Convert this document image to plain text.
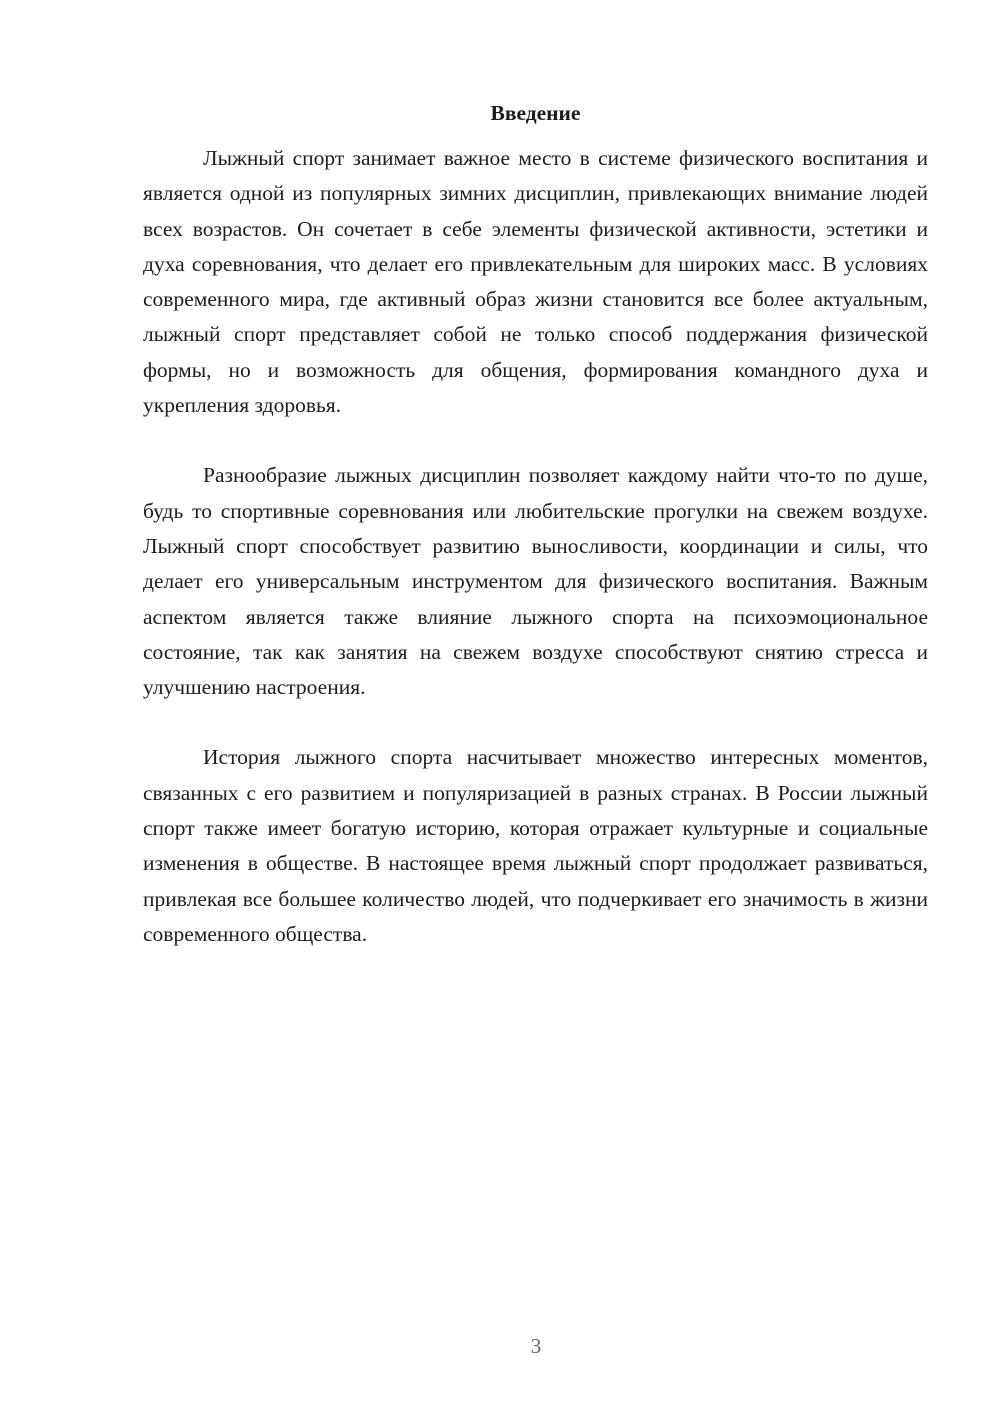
Введение

Лыжный спорт занимает важное место в системе физического воспитания и является одной из популярных зимних дисциплин, привлекающих внимание людей всех возрастов. Он сочетает в себе элементы физической активности, эстетики и духа соревнования, что делает его привлекательным для широких масс. В условиях современного мира, где активный образ жизни становится все более актуальным, лыжный спорт представляет собой не только способ поддержания физической формы, но и возможность для общения, формирования командного духа и укрепления здоровья.

Разнообразие лыжных дисциплин позволяет каждому найти что-то по душе, будь то спортивные соревнования или любительские прогулки на свежем воздухе. Лыжный спорт способствует развитию выносливости, координации и силы, что делает его универсальным инструментом для физического воспитания. Важным аспектом является также влияние лыжного спорта на психоэмоциональное состояние, так как занятия на свежем воздухе способствуют снятию стресса и улучшению настроения.

История лыжного спорта насчитывает множество интересных моментов, связанных с его развитием и популяризацией в разных странах. В России лыжный спорт также имеет богатую историю, которая отражает культурные и социальные изменения в обществе. В настоящее время лыжный спорт продолжает развиваться, привлекая все большее количество людей, что подчеркивает его значимость в жизни современного общества.

3
